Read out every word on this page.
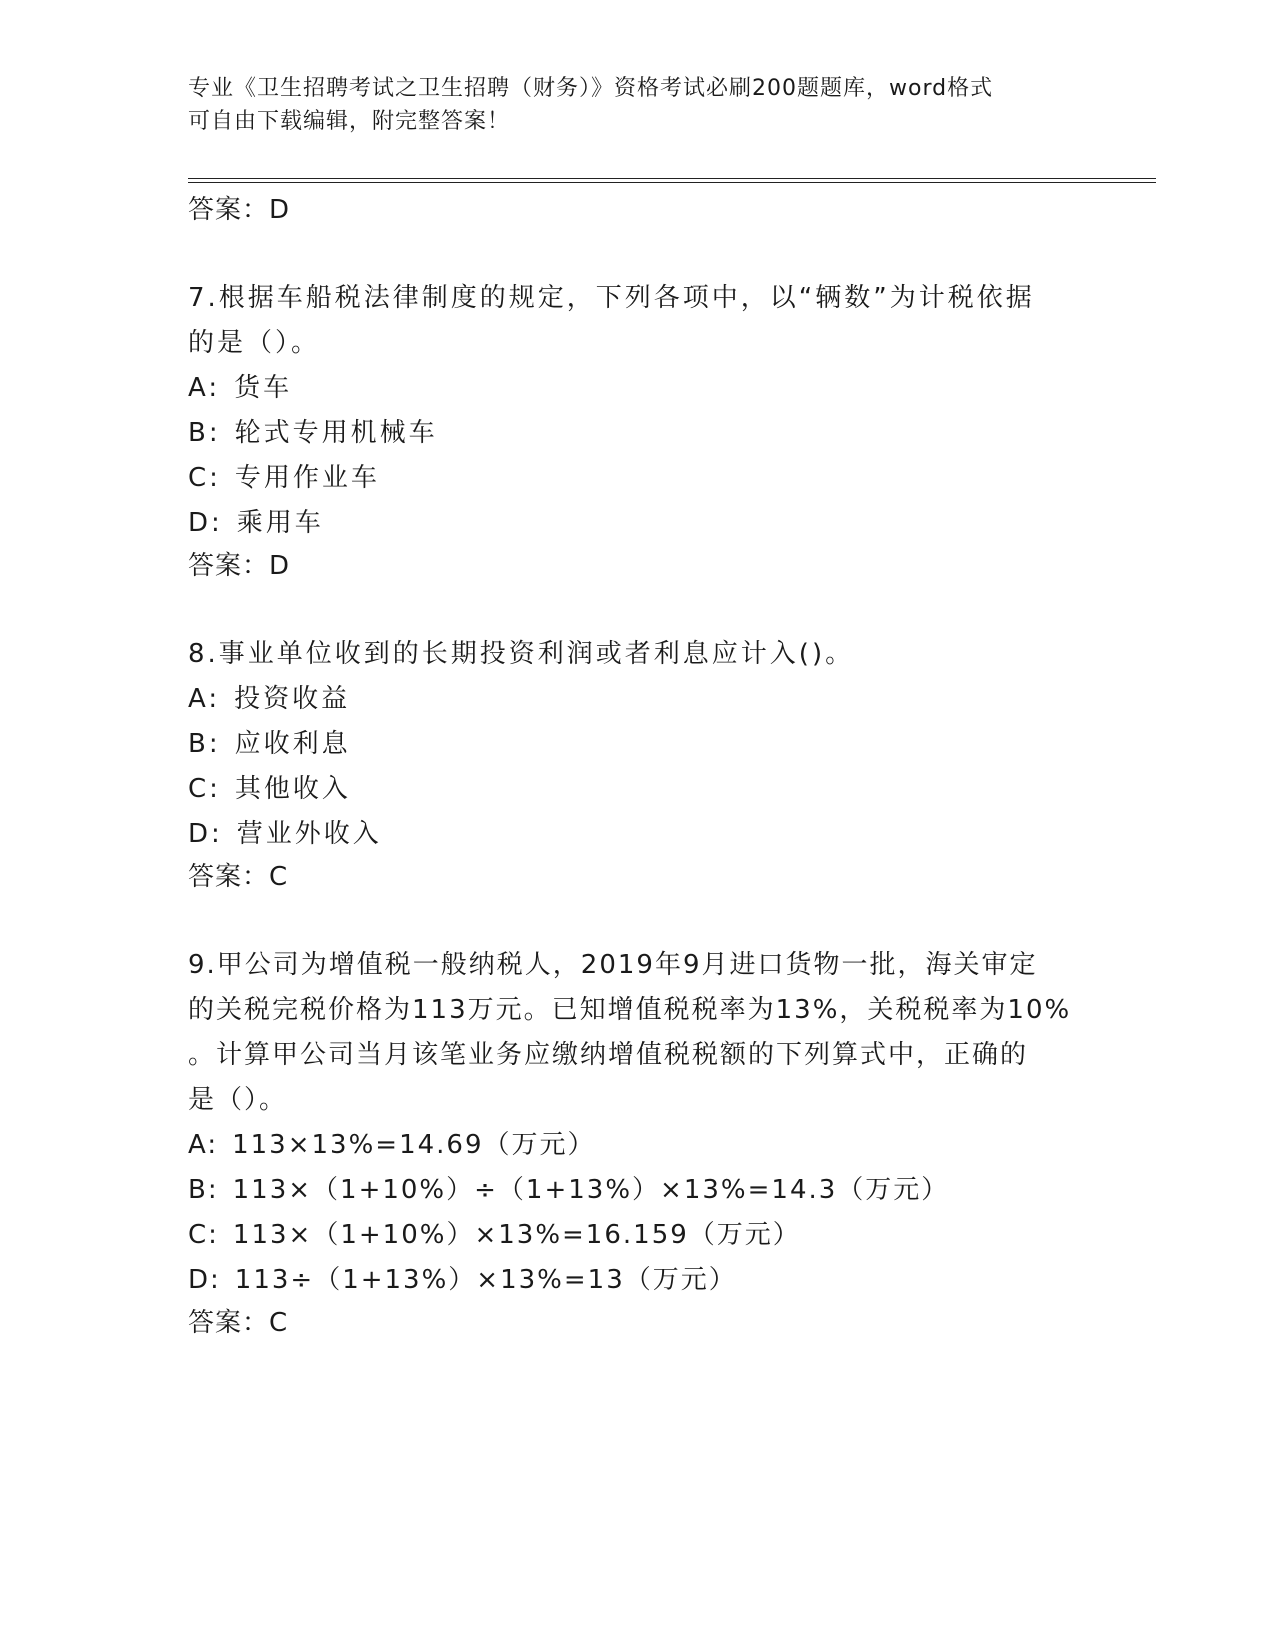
专业《卫生招聘考试之卫生招聘（财务）》资格考试必刷200题题库，word格式
可自由下载编辑，附完整答案！
答案：D
7.根据车船税法律制度的规定，下列各项中，以“辆数”为计税依据
的是（）。
A: 货车
B: 轮式专用机械车
C: 专用作业车
D: 乘用车
答案：D
8.事业单位收到的长期投资利润或者利息应计入()。
A: 投资收益
B: 应收利息
C: 其他收入
D: 营业外收入
答案：C
9.甲公司为增值税一般纳税人，2019年9月进口货物一批，海关审定
的关税完税价格为113万元。已知增值税税率为13%，关税税率为10%
。计算甲公司当月该笔业务应缴纳增值税税额的下列算式中，正确的
是（）。
A: 113×13%=14.69（万元）
B: 113×（1+10%）÷（1+13%）×13%=14.3（万元）
C: 113×（1+10%）×13%=16.159（万元）
D: 113÷（1+13%）×13%=13（万元）
答案：C
